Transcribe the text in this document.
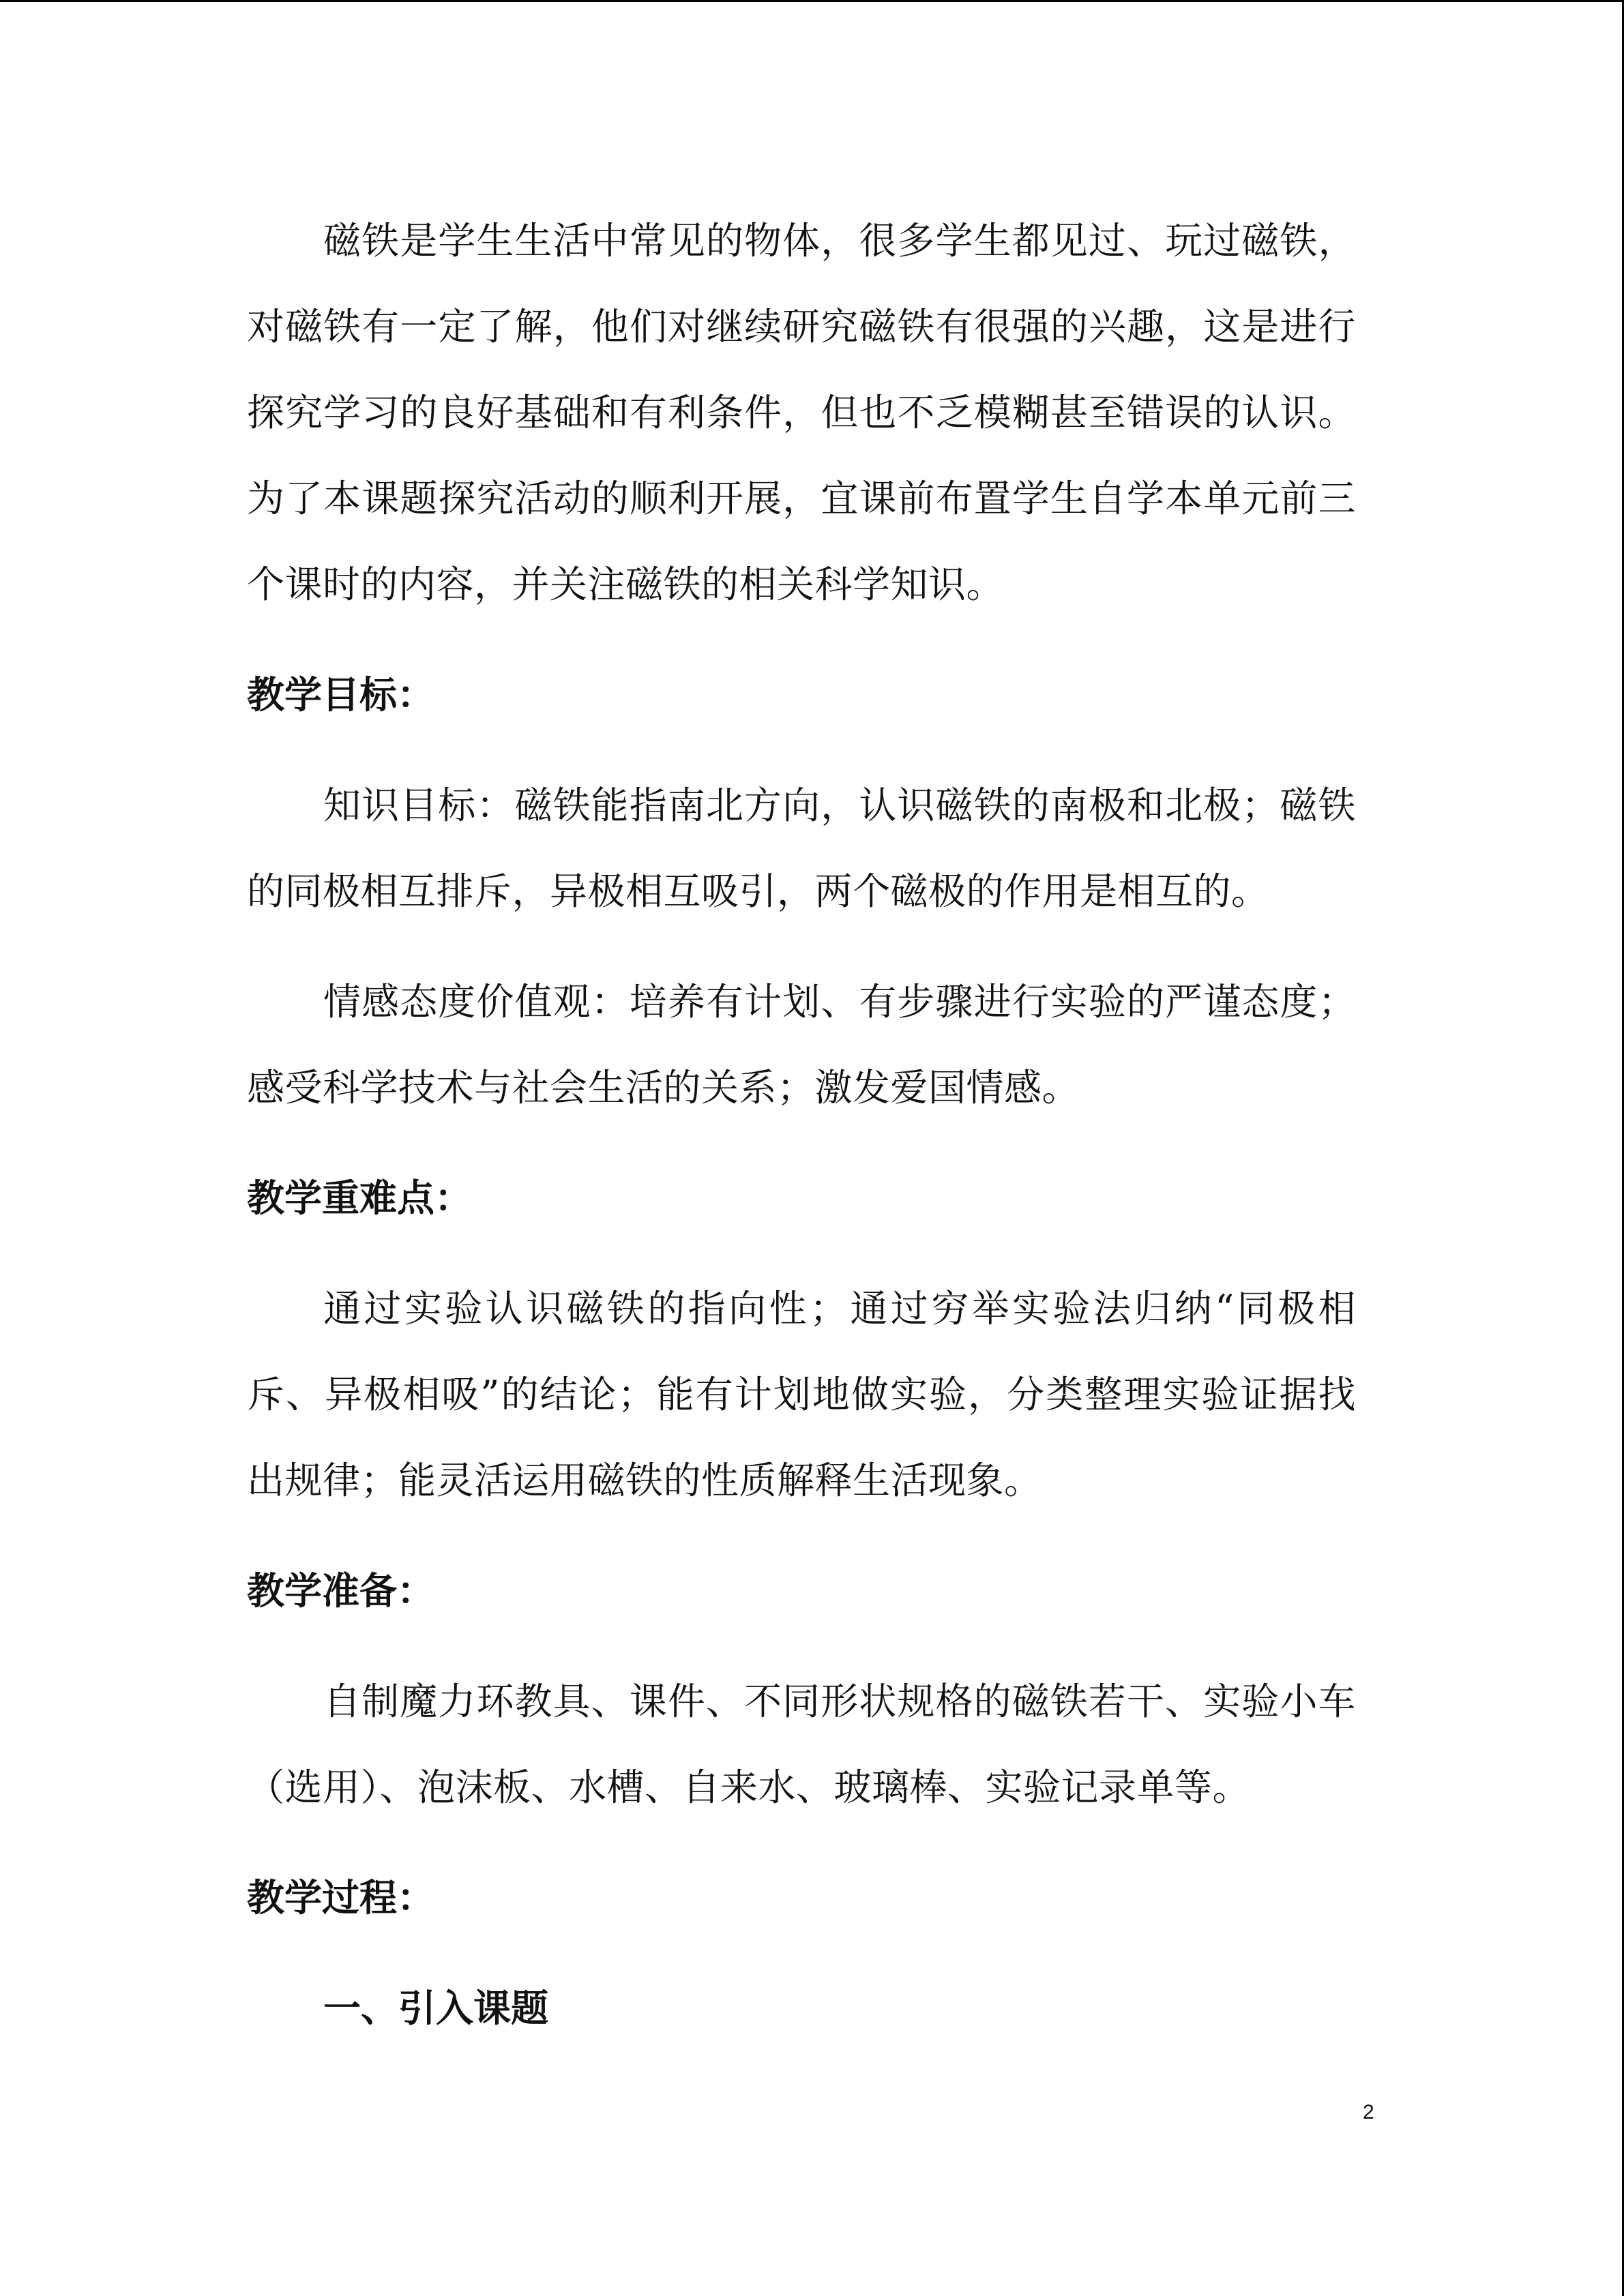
磁铁是学生生活中常见的物体，很多学生都见过、玩过磁铁，对磁铁有一定了解，他们对继续研究磁铁有很强的兴趣，这是进行探究学习的良好基础和有利条件，但也不乏模糊甚至错误的认识。为了本课题探究活动的顺利开展，宜课前布置学生自学本单元前三个课时的内容，并关注磁铁的相关科学知识。

教学目标：

知识目标：磁铁能指南北方向，认识磁铁的南极和北极；磁铁的同极相互排斥，异极相互吸引，两个磁极的作用是相互的。

情感态度价值观：培养有计划、有步骤进行实验的严谨态度；感受科学技术与社会生活的关系；激发爱国情感。

教学重难点：

通过实验认识磁铁的指向性；通过穷举实验法归纳“同极相斥、异极相吸”的结论；能有计划地做实验，分类整理实验证据找出规律；能灵活运用磁铁的性质解释生活现象。

教学准备：

自制魔力环教具、课件、不同形状规格的磁铁若干、实验小车（选用）、泡沫板、水槽、自来水、玻璃棒、实验记录单等。

教学过程：

一、引入课题

2
